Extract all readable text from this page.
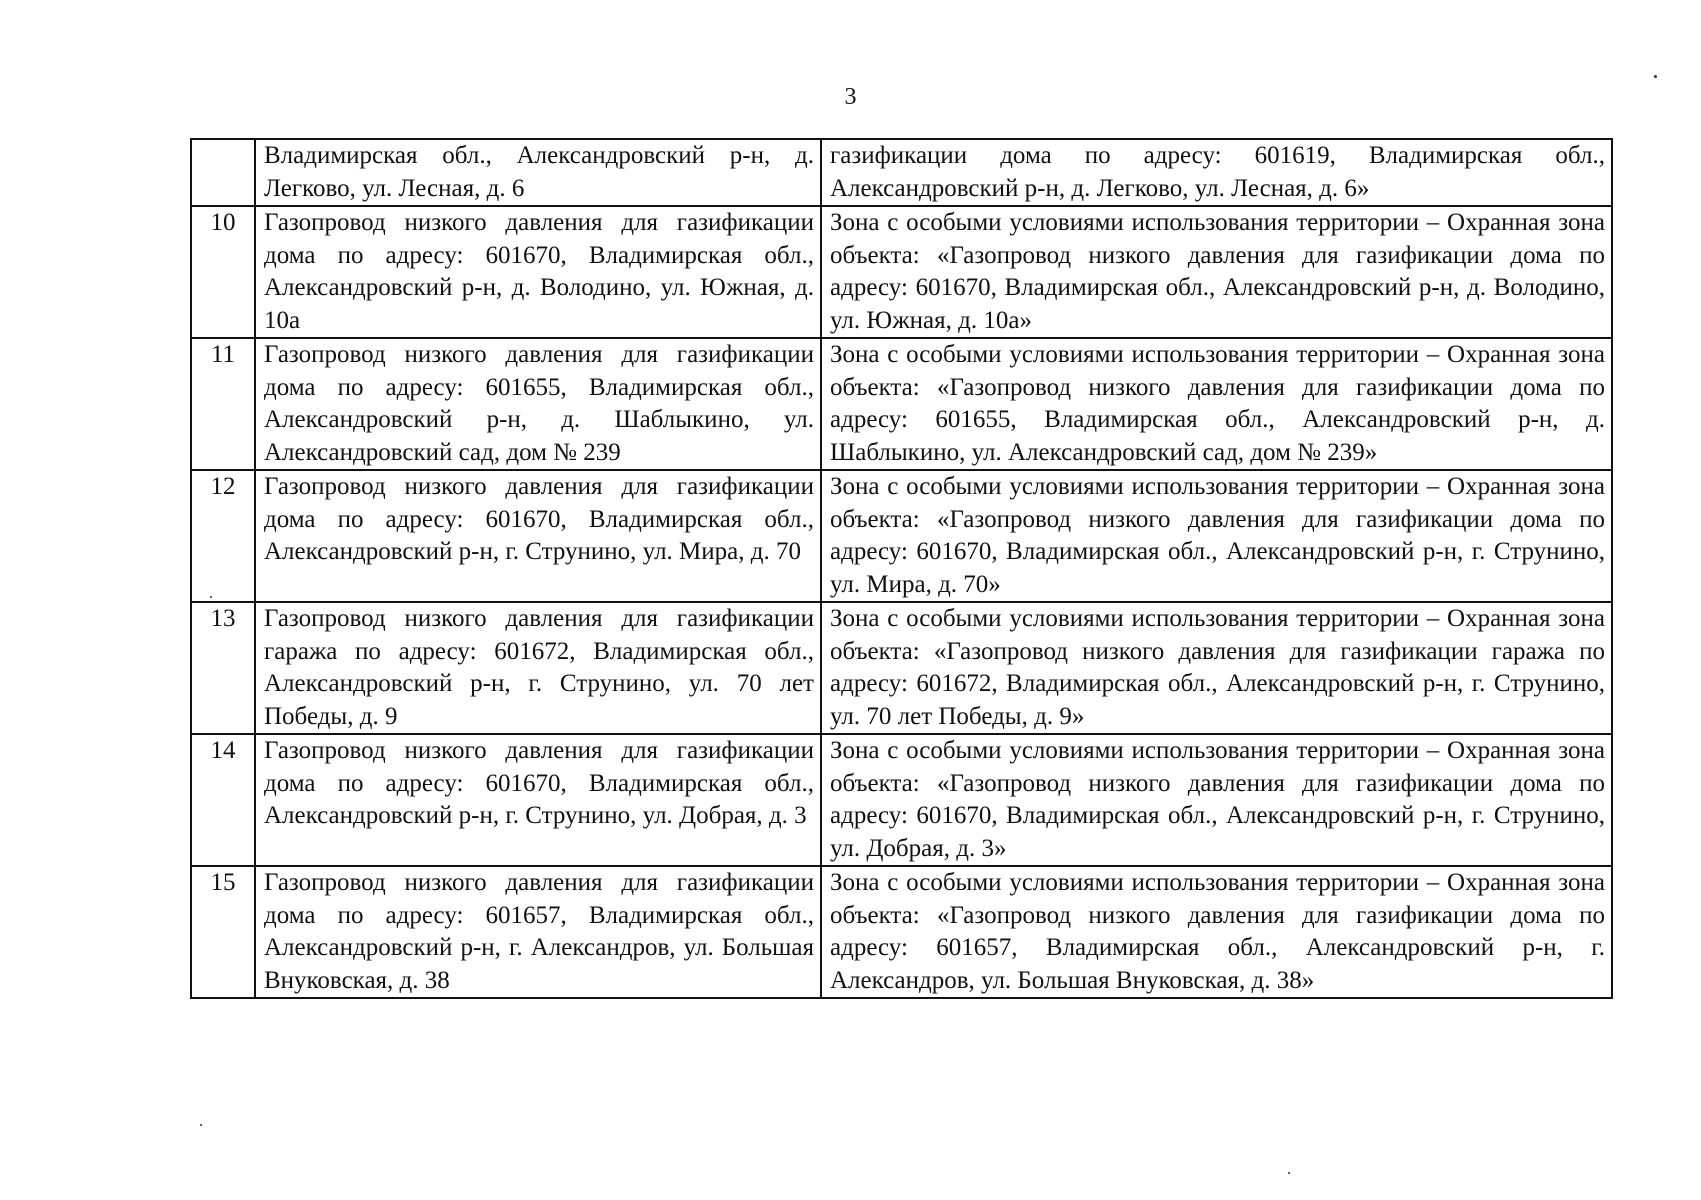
3
	Владимирская обл., Александровский р-н, д. Легково, ул. Лесная, д. 6	газификации дома по адресу: 601619, Владимирская обл., Александровский р-н, д. Легково, ул. Лесная, д. 6»
10	Газопровод низкого давления для газификации дома по адресу: 601670, Владимирская обл., Александровский р-н, д. Володино, ул. Южная, д. 10а	Зона с особыми условиями использования территории – Охранная зона объекта: «Газопровод низкого давления для газификации дома по адресу: 601670, Владимирская обл., Александровский р-н, д. Володино, ул. Южная, д. 10а»
11	Газопровод низкого давления для газификации дома по адресу: 601655, Владимирская обл., Александровский р-н, д. Шаблыкино, ул. Александровский сад, дом № 239	Зона с особыми условиями использования территории – Охранная зона объекта: «Газопровод низкого давления для газификации дома по адресу: 601655, Владимирская обл., Александровский р-н, д. Шаблыкино, ул. Александровский сад, дом № 239»
12	Газопровод низкого давления для газификации дома по адресу: 601670, Владимирская обл., Александровский р-н, г. Струнино, ул. Мира, д. 70	Зона с особыми условиями использования территории – Охранная зона объекта: «Газопровод низкого давления для газификации дома по адресу: 601670, Владимирская обл., Александровский р-н, г. Струнино, ул. Мира, д. 70»
13	Газопровод низкого давления для газификации гаража по адресу: 601672, Владимирская обл., Александровский р-н, г. Струнино, ул. 70 лет Победы, д. 9	Зона с особыми условиями использования территории – Охранная зона объекта: «Газопровод низкого давления для газификации гаража по адресу: 601672, Владимирская обл., Александровский р-н, г. Струнино, ул. 70 лет Победы, д. 9»
14	Газопровод низкого давления для газификации дома по адресу: 601670, Владимирская обл., Александровский р-н, г. Струнино, ул. Добрая, д. 3	Зона с особыми условиями использования территории – Охранная зона объекта: «Газопровод низкого давления для газификации дома по адресу: 601670, Владимирская обл., Александровский р-н, г. Струнино, ул. Добрая, д. 3»
15	Газопровод низкого давления для газификации дома по адресу: 601657, Владимирская обл., Александровский р-н, г. Александров, ул. Большая Внуковская, д. 38	Зона с особыми условиями использования территории – Охранная зона объекта: «Газопровод низкого давления для газификации дома по адресу: 601657, Владимирская обл., Александровский р-н, г. Александров, ул. Большая Внуковская, д. 38»
